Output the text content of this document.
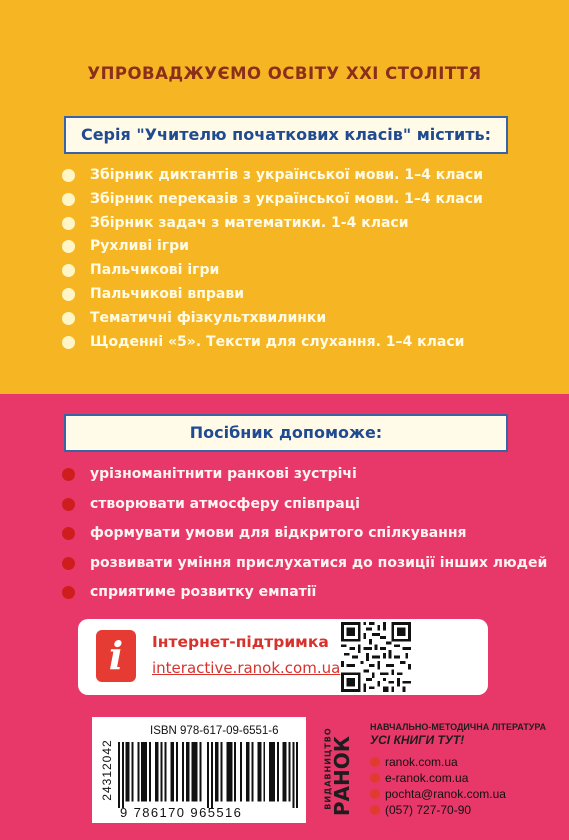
УПРОВАДЖУЄМО ОСВІТУ XXI СТОЛІТТЯ
Серія "Учителю початкових класів" містить:
Збірник диктантів з української мови. 1–4 класи
Збірник переказів з української мови. 1–4 класи
Збірник задач з математики. 1-4 класи
Рухливі ігри
Пальчикові ігри
Пальчикові вправи
Тематичні фізкультхвилинки
Щоденні «5». Тексти для слухання. 1–4 класи
Посібник допоможе:
урізноманітнити ранкові зустрічі
створювати атмосферу співпраці
формувати умови для відкритого спілкування
розвивати уміння прислухатися до позиції інших людей
сприятиме розвитку емпатії
i	Інтернет-підтримка
interactive.ranok.com.ua
ISBN 978-617-09-6551-6
24312042
9 786170 965516
ВИДАВНИЦТВО
РАНОК
НАВЧАЛЬНО-МЕТОДИЧНА ЛІТЕРАТУРА
УСІ КНИГИ ТУТ!
ranok.com.ua
e-ranok.com.ua
pochta@ranok.com.ua
(057) 727-70-90
